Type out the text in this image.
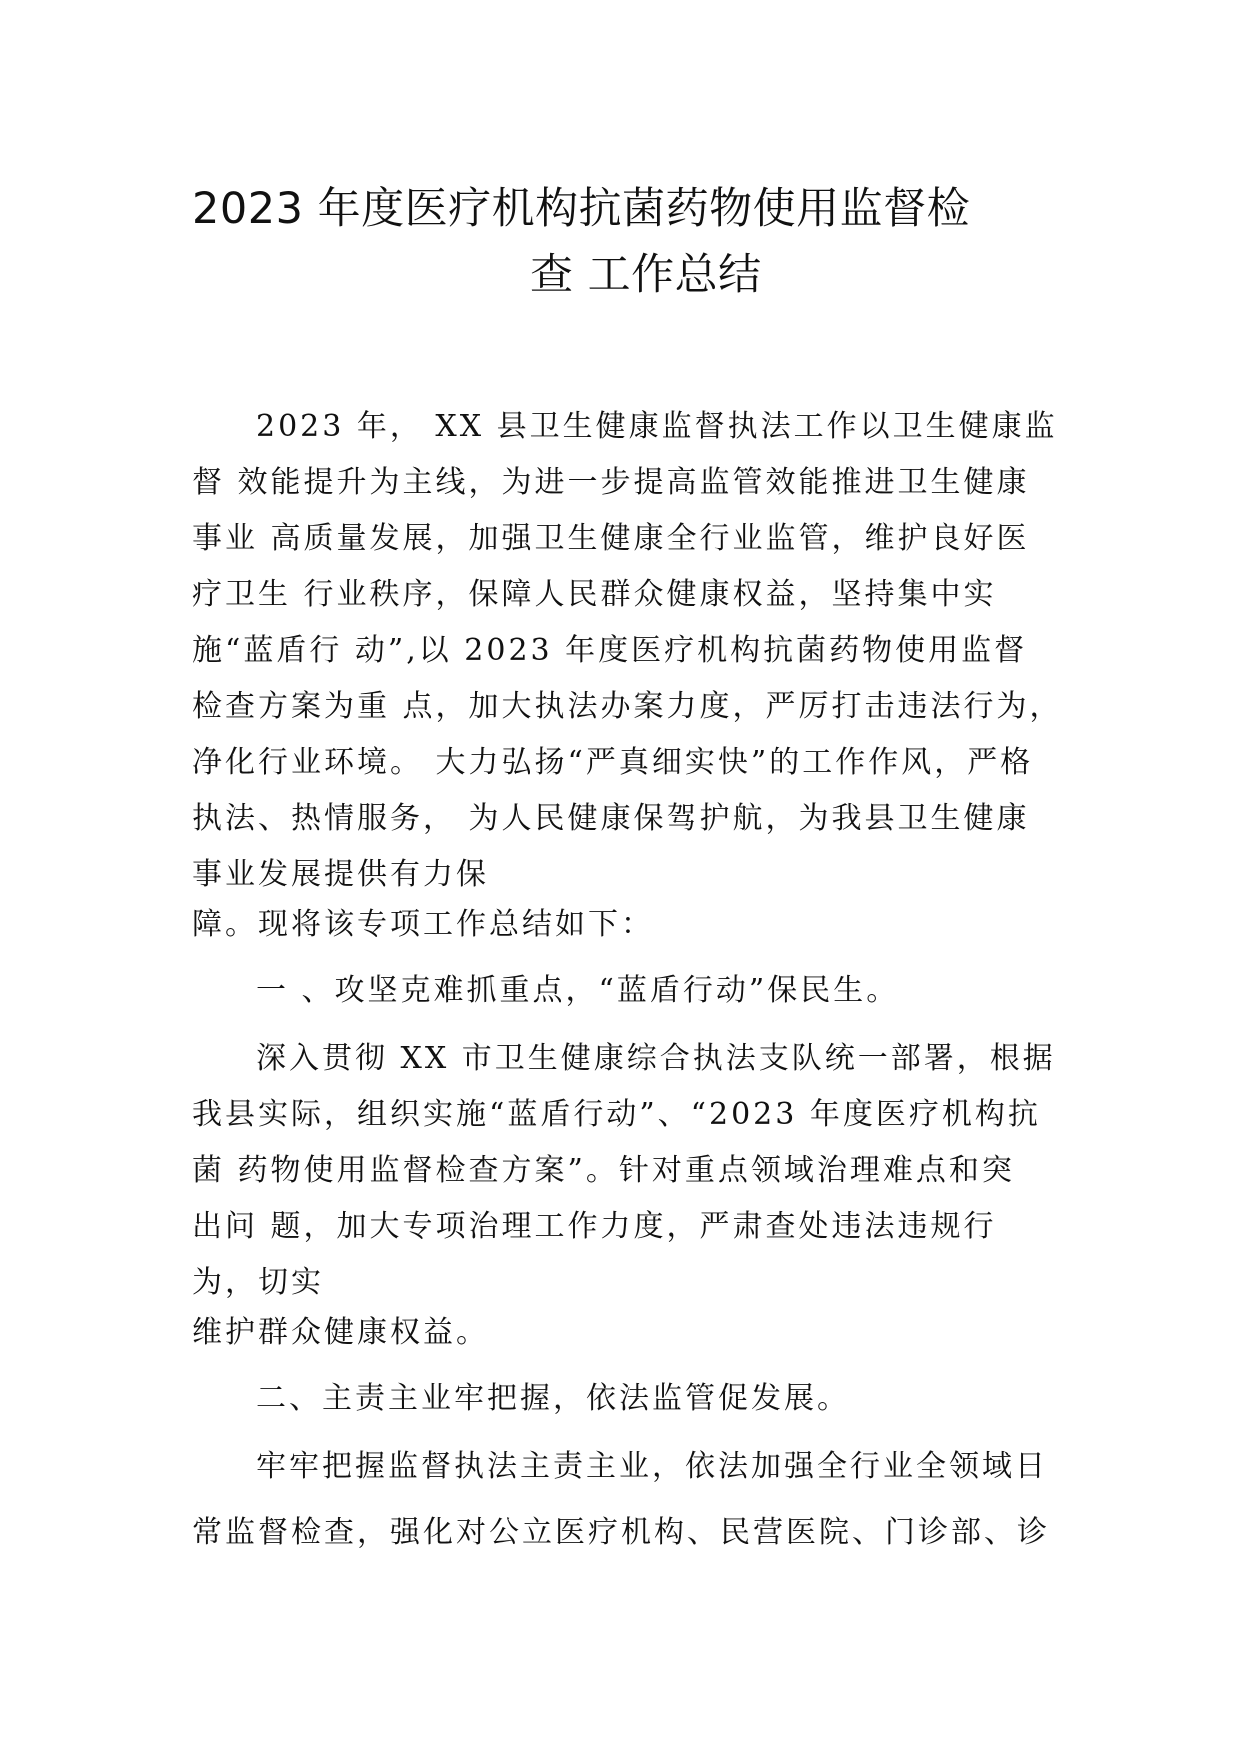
2023 年度医疗机构抗菌药物使用监督检
查 工作总结
2023 年， XX 县卫生健康监督执法工作以卫生健康监
督 效能提升为主线，为进一步提高监管效能推进卫生健康
事业 高质量发展，加强卫生健康全行业监管，维护良好医
疗卫生 行业秩序，保障人民群众健康权益，坚持集中实
施“蓝盾行 动”,以 2023 年度医疗机构抗菌药物使用监督
检查方案为重 点，加大执法办案力度，严厉打击违法行为，
净化行业环境。 大力弘扬“严真细实快”的工作作风，严格
执法、热情服务， 为人民健康保驾护航，为我县卫生健康
事业发展提供有力保
障。现将该专项工作总结如下：
一 、攻坚克难抓重点，“蓝盾行动”保民生。
深入贯彻 XX 市卫生健康综合执法支队统一部署，根据
我县实际，组织实施“蓝盾行动”、“2023 年度医疗机构抗
菌 药物使用监督检查方案”。针对重点领域治理难点和突
出问 题，加大专项治理工作力度，严肃查处违法违规行
为，切实
维护群众健康权益。
二、主责主业牢把握，依法监管促发展。
牢牢把握监督执法主责主业，依法加强全行业全领域日
常监督检查，强化对公立医疗机构、民营医院、门诊部、诊
